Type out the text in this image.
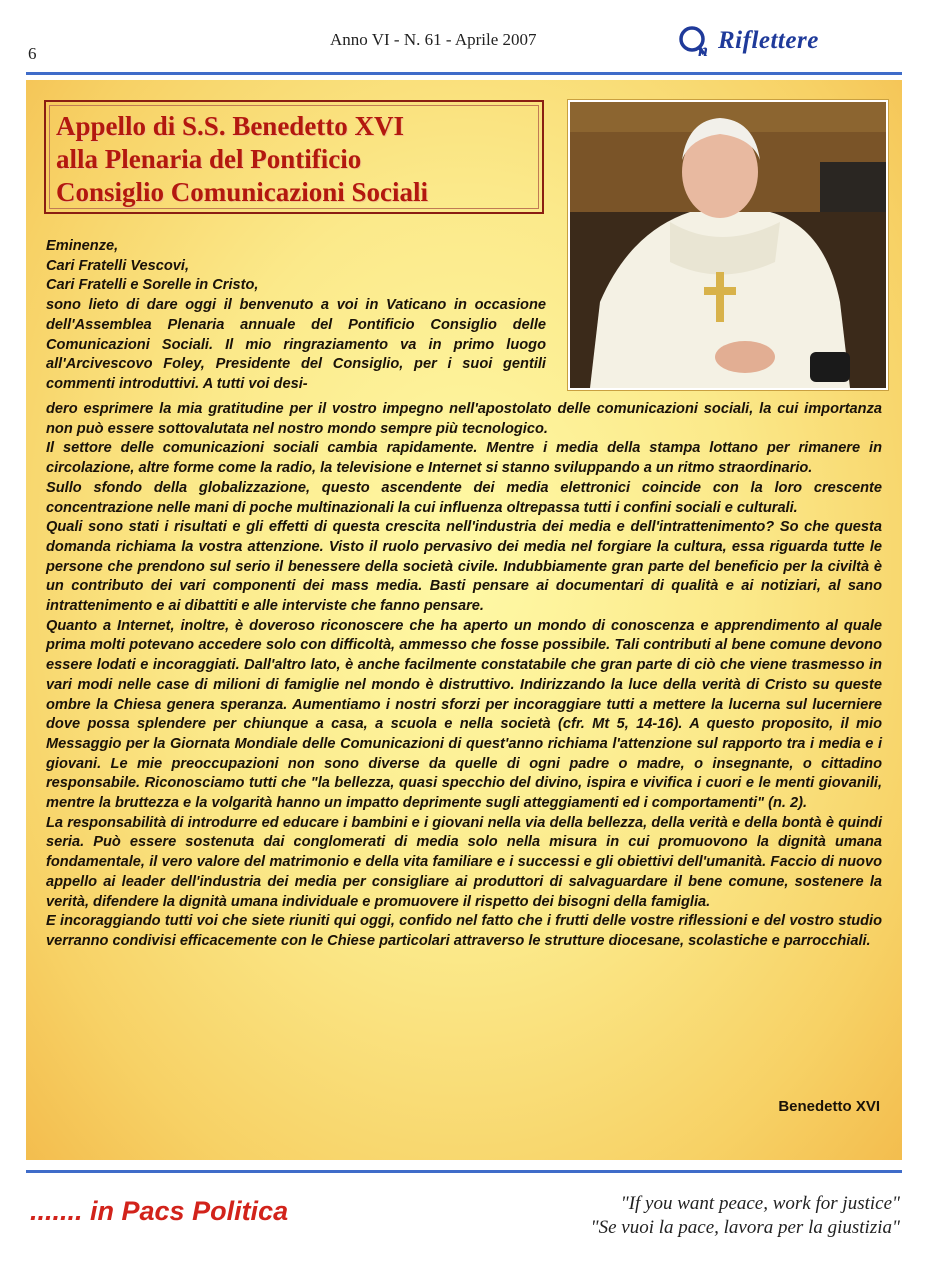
6
Anno VI - N. 61 - Aprile 2007
n Riflettere
Appello di S.S. Benedetto XVI
alla Plenaria del Pontificio
Consiglio Comunicazioni Sociali
Eminenze,
Cari Fratelli Vescovi,
Cari Fratelli e Sorelle in Cristo,

sono lieto di dare oggi il benvenuto a voi in Vaticano in occasione dell'Assemblea Plenaria annuale del Pontificio Consiglio delle Comunicazioni Sociali. Il mio ringraziamento va in primo luogo all'Arcivescovo Foley, Presidente del Consiglio, per i suoi gentili commenti introduttivi. A tutti voi desi-

dero esprimere la mia gratitudine per il vostro impegno nell'apostolato delle comunicazioni sociali, la cui importanza non può essere sottovalutata nel nostro mondo sempre più tecnologico.

Il settore delle comunicazioni sociali cambia rapidamente. Mentre i media della stampa lottano per rimanere in circolazione, altre forme come la radio, la televisione e Internet si stanno sviluppando a un ritmo straordinario.

Sullo sfondo della globalizzazione, questo ascendente dei media elettronici coincide con la loro crescente concentrazione nelle mani di poche multinazionali la cui influenza oltrepassa tutti i confini sociali e culturali.

Quali sono stati i risultati e gli effetti di questa crescita nell'industria dei media e dell'intrattenimento? So che questa domanda richiama la vostra attenzione. Visto il ruolo pervasivo dei media nel forgiare la cultura, essa riguarda tutte le persone che prendono sul serio il benessere della società civile. Indubbiamente gran parte del beneficio per la civiltà è un contributo dei vari componenti dei mass media. Basti pensare ai documentari di qualità e ai notiziari, al sano intrattenimento e ai dibattiti e alle interviste che fanno pensare.

Quanto a Internet, inoltre, è doveroso riconoscere che ha aperto un mondo di conoscenza e apprendimento al quale prima molti potevano accedere solo con difficoltà, ammesso che fosse possibile. Tali contributi al bene comune devono essere lodati e incoraggiati. Dall'altro lato, è anche facilmente constatabile che gran parte di ciò che viene trasmesso in vari modi nelle case di milioni di famiglie nel mondo è distruttivo. Indirizzando la luce della verità di Cristo su queste ombre la Chiesa genera speranza. Aumentiamo i nostri sforzi per incoraggiare tutti a mettere la lucerna sul lucerniere dove possa splendere per chiunque a casa, a scuola e nella società (cfr. Mt 5, 14-16). A questo proposito, il mio Messaggio per la Giornata Mondiale delle Comunicazioni di quest'anno richiama l'attenzione sul rapporto tra i media e i giovani. Le mie preoccupazioni non sono diverse da quelle di ogni padre o madre, o insegnante, o cittadino responsabile. Riconosciamo tutti che "la bellezza, quasi specchio del divino, ispira e vivifica i cuori e le menti giovanili, mentre la bruttezza e la volgarità hanno un impatto deprimente sugli atteggiamenti ed i comportamenti" (n. 2).

La responsabilità di introdurre ed educare i bambini e i giovani nella via della bellezza, della verità e della bontà è quindi seria. Può essere sostenuta dai conglomerati di media solo nella misura in cui promuovono la dignità umana fondamentale, il vero valore del matrimonio e della vita familiare e i successi e gli obiettivi dell'umanità. Faccio di nuovo appello ai leader dell'industria dei media per consigliare ai produttori di salvaguardare il bene comune, sostenere la verità, difendere la dignità umana individuale e promuovere il rispetto dei bisogni della famiglia.

E incoraggiando tutti voi che siete riuniti qui oggi, confido nel fatto che i frutti delle vostre riflessioni e del vostro studio verranno condivisi efficacemente con le Chiese particolari attraverso le strutture diocesane, scolastiche e parrocchiali.

Benedetto XVI
....... in Pacs Politica	"If you want peace, work for justice"
"Se vuoi la pace, lavora per la giustizia"
